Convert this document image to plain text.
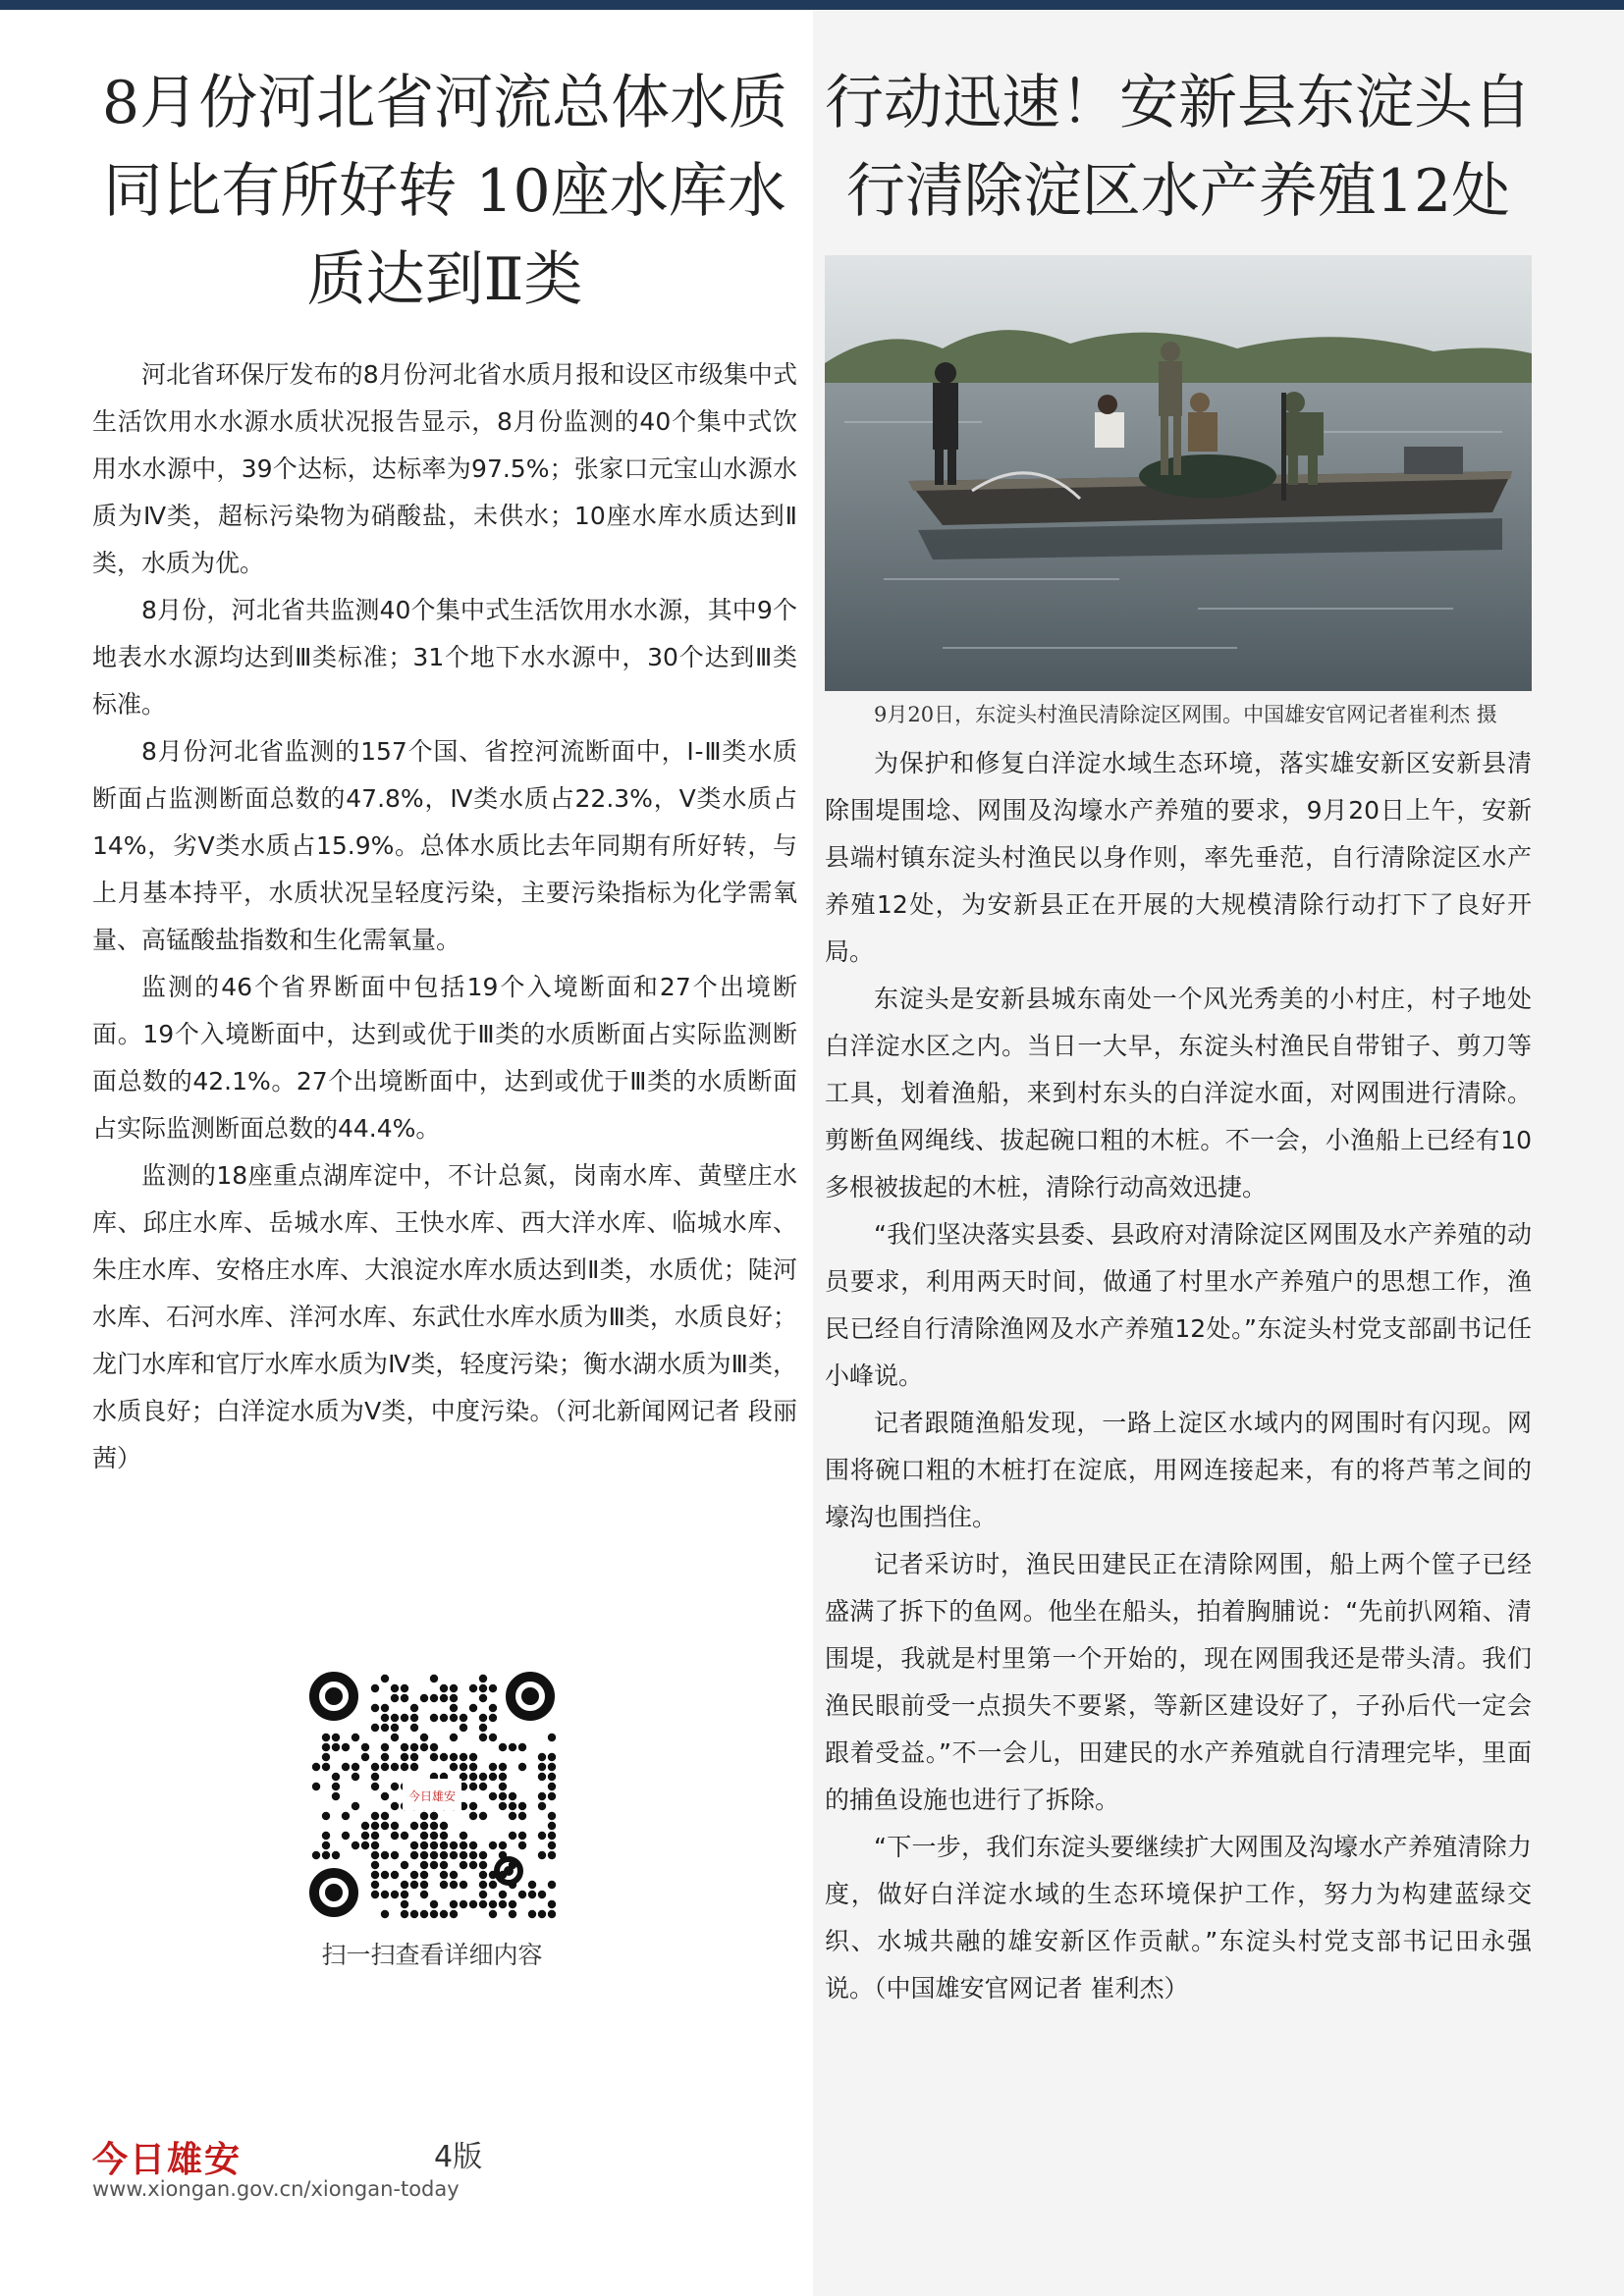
8月份河北省河流总体水质同比有所好转 10座水库水质达到Ⅱ类

河北省环保厅发布的8月份河北省水质月报和设区市级集中式生活饮用水水源水质状况报告显示，8月份监测的40个集中式饮用水水源中，39个达标，达标率为97.5%；张家口元宝山水源水质为Ⅳ类，超标污染物为硝酸盐，未供水；10座水库水质达到Ⅱ类，水质为优。

8月份，河北省共监测40个集中式生活饮用水水源，其中9个地表水水源均达到Ⅲ类标准；31个地下水水源中，30个达到Ⅲ类标准。

8月份河北省监测的157个国、省控河流断面中，Ⅰ-Ⅲ类水质断面占监测断面总数的47.8%，Ⅳ类水质占22.3%，Ⅴ类水质占14%，劣Ⅴ类水质占15.9%。总体水质比去年同期有所好转，与上月基本持平，水质状况呈轻度污染，主要污染指标为化学需氧量、高锰酸盐指数和生化需氧量。

监测的46个省界断面中包括19个入境断面和27个出境断面。19个入境断面中，达到或优于Ⅲ类的水质断面占实际监测断面总数的42.1%。27个出境断面中，达到或优于Ⅲ类的水质断面占实际监测断面总数的44.4%。

监测的18座重点湖库淀中，不计总氮，岗南水库、黄壁庄水库、邱庄水库、岳城水库、王快水库、西大洋水库、临城水库、朱庄水库、安格庄水库、大浪淀水库水质达到Ⅱ类，水质优；陡河水库、石河水库、洋河水库、东武仕水库水质为Ⅲ类，水质良好；龙门水库和官厅水库水质为Ⅳ类，轻度污染；衡水湖水质为Ⅲ类，水质良好；白洋淀水质为Ⅴ类，中度污染。（河北新闻网记者 段丽茜）

行动迅速！安新县东淀头自行清除淀区水产养殖12处
9月20日，东淀头村渔民清除淀区网围。中国雄安官网记者崔利杰 摄

为保护和修复白洋淀水域生态环境，落实雄安新区安新县清除围堤围埝、网围及沟壕水产养殖的要求，9月20日上午，安新县端村镇东淀头村渔民以身作则，率先垂范，自行清除淀区水产养殖12处，为安新县正在开展的大规模清除行动打下了良好开局。

东淀头是安新县城东南处一个风光秀美的小村庄，村子地处白洋淀水区之内。当日一大早，东淀头村渔民自带钳子、剪刀等工具，划着渔船，来到村东头的白洋淀水面，对网围进行清除。剪断鱼网绳线、拔起碗口粗的木桩。不一会，小渔船上已经有10多根被拔起的木桩，清除行动高效迅捷。

“我们坚决落实县委、县政府对清除淀区网围及水产养殖的动员要求，利用两天时间，做通了村里水产养殖户的思想工作，渔民已经自行清除渔网及水产养殖12处。”东淀头村党支部副书记任小峰说。

记者跟随渔船发现，一路上淀区水域内的网围时有闪现。网围将碗口粗的木桩打在淀底，用网连接起来，有的将芦苇之间的壕沟也围挡住。

记者采访时，渔民田建民正在清除网围，船上两个筐子已经盛满了拆下的鱼网。他坐在船头，拍着胸脯说：“先前扒网箱、清围堤，我就是村里第一个开始的，现在网围我还是带头清。我们渔民眼前受一点损失不要紧，等新区建设好了，子孙后代一定会跟着受益。”不一会儿，田建民的水产养殖就自行清理完毕，里面的捕鱼设施也进行了拆除。

“下一步，我们东淀头要继续扩大网围及沟壕水产养殖清除力度，做好白洋淀水域的生态环境保护工作，努力为构建蓝绿交织、水城共融的雄安新区作贡献。”东淀头村党支部书记田永强说。（中国雄安官网记者 崔利杰）

今日雄安
扫一扫查看详细内容
今日雄安	4版
www.xiongan.gov.cn/xiongan-today
